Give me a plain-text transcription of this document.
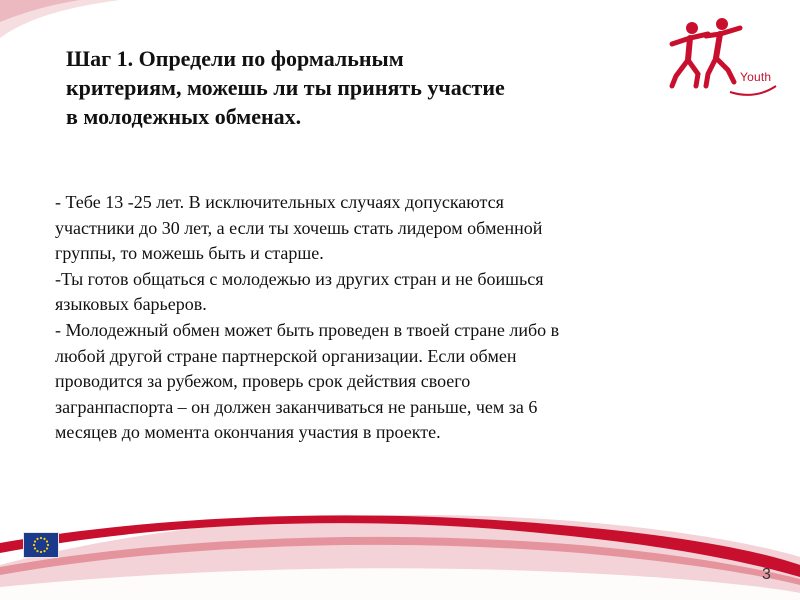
Шаг 1. Определи по формальным
критериям, можешь ли ты принять участие
в молодежных обменах.
Youth

- Тебе 13 -25 лет. В исключительных случаях допускаются

участники до 30 лет, а если ты хочешь стать лидером обменной

группы, то можешь быть и старше.

-Ты готов общаться с молодежью из других стран и не боишься

языковых барьеров.

- Молодежный обмен может быть проведен в твоей стране либо в

любой другой стране партнерской организации. Если обмен

проводится за рубежом, проверь срок действия своего

загранпаспорта – он должен заканчиваться не раньше, чем за 6

месяцев до момента окончания участия в проекте.

3
